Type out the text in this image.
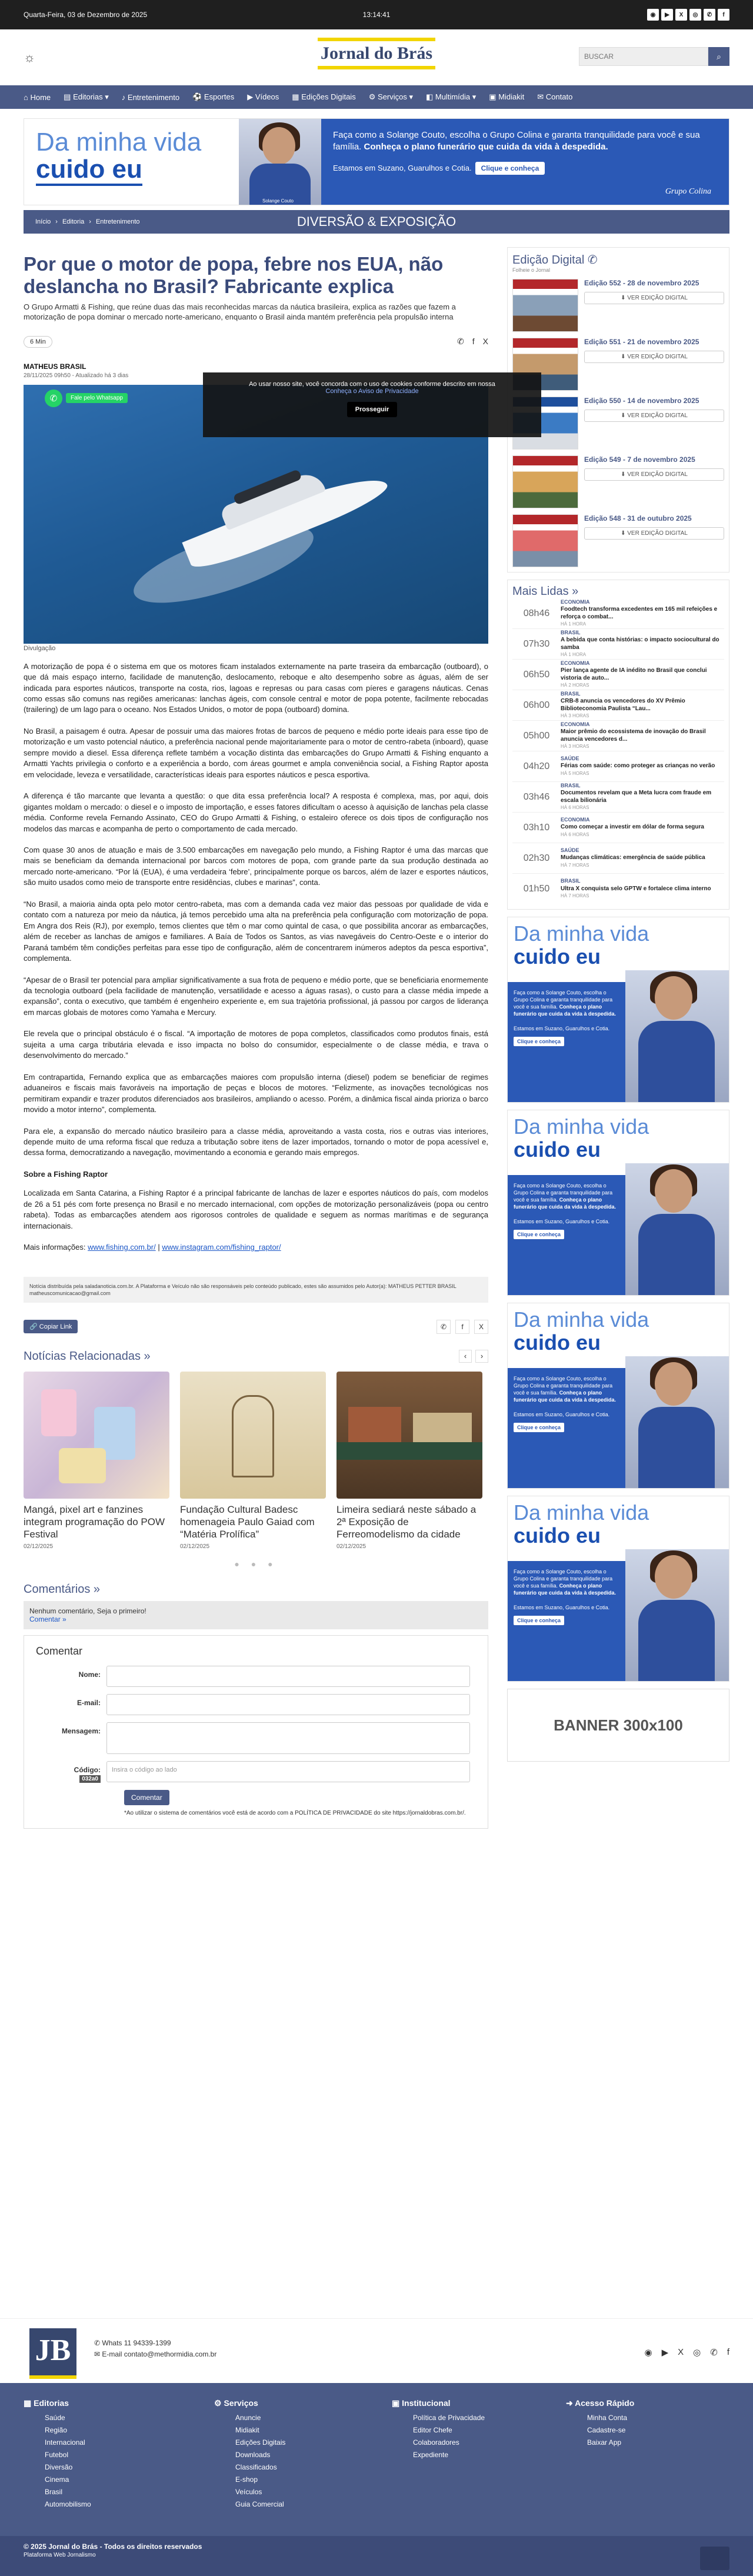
Quarta-Feira, 03 de Dezembro de 2025	13:14:41	◉	▶	X	◎	✆	f
☼	Jornal do Brás
BUSCAR	⌕
⌂ Home ▤ Editorias ▾ ♪ Entretenimento ⚽ Esportes ▶ Vídeos ▦ Edições Digitais ⚙ Serviços ▾ ◧ Multimídia ▾ ▣ Midiakit ✉ Contato
Da minha vida
cuido eu
Solange Couto

Faça como a Solange Couto, escolha o Grupo Colina e garanta tranquilidade para você e sua família. Conheça o plano funerário que cuida da vida à despedida.

Estamos em Suzano, Guarulhos e Cotia. Clique e conheça

Grupo Colina
Início › Editoria › Entretenimento	DIVERSÃO & EXPOSIÇÃO
Por que o motor de popa, febre nos EUA, não deslancha no Brasil? Fabricante explica

O Grupo Armatti & Fishing, que reúne duas das mais reconhecidas marcas da náutica brasileira, explica as razões que fazem a motorização de popa dominar o mercado norte-americano, enquanto o Brasil ainda mantém preferência pela propulsão interna

6 Min	✆ f X
MATHEUS BRASIL
28/11/2025 09h50 - Atualizado há 3 dias
✆	Fale pelo Whatsapp
Divulgação

A motorização de popa é o sistema em que os motores ficam instalados externamente na parte traseira da embarcação (outboard), o que dá mais espaço interno, facilidade de manutenção, deslocamento, reboque e alto desempenho sobre as águas, além de ser indicada para esportes náuticos, transporte na costa, rios, lagoas e represas ou para casas com píeres e garagens náuticas. Cenas como essas são comuns nas regiões americanas: lanchas ágeis, com console central e motor de popa potente, facilmente rebocadas (trailering) de um lago para o oceano. Nos Estados Unidos, o motor de popa (outboard) domina.

No Brasil, a paisagem é outra. Apesar de possuir uma das maiores frotas de barcos de pequeno e médio porte ideais para esse tipo de motorização e um vasto potencial náutico, a preferência nacional pende majoritariamente para o motor de centro-rabeta (inboard), quase sempre movido a diesel. Essa diferença reflete também a vocação distinta das embarcações do Grupo Armatti & Fishing enquanto a Armatti Yachts privilegia o conforto e a experiência a bordo, com áreas gourmet e ampla conveniência social, a Fishing Raptor aposta em velocidade, leveza e versatilidade, características ideais para esportes náuticos e pesca esportiva.

A diferença é tão marcante que levanta a questão: o que dita essa preferência local? A resposta é complexa, mas, por aqui, dois gigantes moldam o mercado: o diesel e o imposto de importação, e esses fatores dificultam o acesso à aquisição de lanchas pela classe média. Conforme revela Fernando Assinato, CEO do Grupo Armatti & Fishing, o estaleiro oferece os dois tipos de configuração nos modelos das marcas e acompanha de perto o comportamento de cada mercado.

Com quase 30 anos de atuação e mais de 3.500 embarcações em navegação pelo mundo, a Fishing Raptor é uma das marcas que mais se beneficiam da demanda internacional por barcos com motores de popa, com grande parte da sua produção destinada ao mercado norte-americano. “Por lá (EUA), é uma verdadeira ‘febre’, principalmente porque os barcos, além de lazer e esportes náuticos, são muito usados como meio de transporte entre residências, clubes e marinas”, conta.

“No Brasil, a maioria ainda opta pelo motor centro-rabeta, mas com a demanda cada vez maior das pessoas por qualidade de vida e contato com a natureza por meio da náutica, já temos percebido uma alta na preferência pela configuração com motorização de popa. Em Angra dos Reis (RJ), por exemplo, temos clientes que têm o mar como quintal de casa, o que possibilita ancorar as embarcações, além de receber as lanchas de amigos e familiares. A Baía de Todos os Santos, as vias navegáveis do Centro-Oeste e o interior do Paraná também têm condições perfeitas para esse tipo de configuração, além de concentrarem inúmeros adeptos da pesca esportiva”, complementa.

“Apesar de o Brasil ter potencial para ampliar significativamente a sua frota de pequeno e médio porte, que se beneficiaria enormemente da tecnologia outboard (pela facilidade de manutenção, versatilidade e acesso a águas rasas), o custo para a classe média impede a expansão”, conta o executivo, que também é engenheiro experiente e, em sua trajetória profissional, já passou por cargos de liderança em marcas globais de motores como Yamaha e Mercury.

Ele revela que o principal obstáculo é o fiscal. “A importação de motores de popa completos, classificados como produtos finais, está sujeita a uma carga tributária elevada e isso impacta no bolso do consumidor, especialmente o de classe média, e trava o desenvolvimento do mercado.”

Em contrapartida, Fernando explica que as embarcações maiores com propulsão interna (diesel) podem se beneficiar de regimes aduaneiros e fiscais mais favoráveis na importação de peças e blocos de motores. “Felizmente, as inovações tecnológicas nos permitiram expandir e trazer produtos diferenciados aos brasileiros, ampliando o acesso. Porém, a dinâmica fiscal ainda prioriza o barco movido a motor interno”, complementa.

Para ele, a expansão do mercado náutico brasileiro para a classe média, aproveitando a vasta costa, rios e outras vias interiores, depende muito de uma reforma fiscal que reduza a tributação sobre itens de lazer importados, tornando o motor de popa acessível e, dessa forma, democratizando a navegação, movimentando a economia e gerando mais empregos.

Sobre a Fishing Raptor

Localizada em Santa Catarina, a Fishing Raptor é a principal fabricante de lanchas de lazer e esportes náuticos do país, com modelos de 26 a 51 pés com forte presença no Brasil e no mercado internacional, com opções de motorização personalizáveis (popa ou centro rabeta). Todas as embarcações atendem aos rigorosos controles de qualidade e seguem as normas marítimas e de segurança internacionais.

Mais informações: www.fishing.com.br/ | www.instagram.com/fishing_raptor/

Notícia distribuída pela saladanoticia.com.br. A Plataforma e Veículo não são responsáveis pelo conteúdo publicado, estes são assumidos pelo Autor(a): MATHEUS PETTER BRASIL matheuscomunicacao@gmail.com
🔗 Copiar Link	✆	f	X
Notícias Relacionadas »	‹	›
Mangá, pixel art e fanzines integram programação do POW Festival
02/12/2025
Fundação Cultural Badesc homenageia Paulo Gaiad com “Matéria Prolífica”
02/12/2025
Limeira sediará neste sábado a 2ª Exposição de Ferreomodelismo da cidade
02/12/2025
● ● ●
Comentários »
Nenhum comentário, Seja o primeiro!
Comentar »
Comentar
Nome:
E-mail:
Mensagem:
Código:
032a0
Insira o código ao lado
Comentar
*Ao utilizar o sistema de comentários você está de acordo com a POLÍTICA DE PRIVACIDADE do site https://jornaldobras.com.br/.
Edição Digital ✆
Folheie o Jornal
Edição 552 - 28 de novembro 2025
⬇ VER EDIÇÃO DIGITAL
Edição 551 - 21 de novembro 2025
⬇ VER EDIÇÃO DIGITAL
Edição 550 - 14 de novembro 2025
⬇ VER EDIÇÃO DIGITAL
Edição 549 - 7 de novembro 2025
⬇ VER EDIÇÃO DIGITAL
Edição 548 - 31 de outubro 2025
⬇ VER EDIÇÃO DIGITAL
Mais Lidas »
08h46
ECONOMIA
Foodtech transforma excedentes em 165 mil refeições e reforça o combat...
HÁ 1 HORA
07h30
BRASIL
A bebida que conta histórias: o impacto sociocultural do samba
HÁ 1 HORA
06h50
ECONOMIA
Pier lança agente de IA inédito no Brasil que conclui vistoria de auto...
HÁ 2 HORAS
06h00
BRASIL
CRB-8 anuncia os vencedores do XV Prêmio Biblioteconomia Paulista “Lau...
HÁ 3 HORAS
05h00
ECONOMIA
Maior prêmio do ecossistema de inovação do Brasil anuncia vencedores d...
HÁ 3 HORAS
04h20
SAÚDE
Férias com saúde: como proteger as crianças no verão
HÁ 5 HORAS
03h46
BRASIL
Documentos revelam que a Meta lucra com fraude em escala bilionária
HÁ 6 HORAS
03h10
ECONOMIA
Como começar a investir em dólar de forma segura
HÁ 6 HORAS
02h30
SAÚDE
Mudanças climáticas: emergência de saúde pública
HÁ 7 HORAS
01h50
BRASIL
Ultra X conquista selo GPTW e fortalece clima interno
HÁ 7 HORAS
Da minha vida
cuido eu
Faça como a Solange Couto, escolha o Grupo Colina e garanta tranquilidade para você e sua família. Conheça o plano funerário que cuida da vida à despedida.

Estamos em Suzano, Guarulhos e Cotia.
Clique e conheça
Da minha vida
cuido eu
Faça como a Solange Couto, escolha o Grupo Colina e garanta tranquilidade para você e sua família. Conheça o plano funerário que cuida da vida à despedida.

Estamos em Suzano, Guarulhos e Cotia.
Clique e conheça
Da minha vida
cuido eu
Faça como a Solange Couto, escolha o Grupo Colina e garanta tranquilidade para você e sua família. Conheça o plano funerário que cuida da vida à despedida.

Estamos em Suzano, Guarulhos e Cotia.
Clique e conheça
Da minha vida
cuido eu
Faça como a Solange Couto, escolha o Grupo Colina e garanta tranquilidade para você e sua família. Conheça o plano funerário que cuida da vida à despedida.

Estamos em Suzano, Guarulhos e Cotia.
Clique e conheça
BANNER 300x100
Ao usar nosso site, você concorda com o uso de cookies conforme descrito em nossa
Conheça o Aviso de Privacidade
Prosseguir
JB	✆ Whats 11 94339-1399
✉ E-mail contato@methormidia.com.br	◉ ▶ X ◎ ✆ f
▦ Editorias
Saúde
Região
Internacional
Futebol
Diversão
Cinema
Brasil
Automobilismo
⚙ Serviços
Anuncie
Midiakit
Edições Digitais
Downloads
Classificados
E-shop
Veículos
Guia Comercial
▣ Institucional
Política de Privacidade
Editor Chefe
Colaboradores
Expediente
➜ Acesso Rápido
Minha Conta
Cadastre-se
Baixar App
© 2025 Jornal do Brás - Todos os direitos reservados
Plataforma Web Jornalismo
